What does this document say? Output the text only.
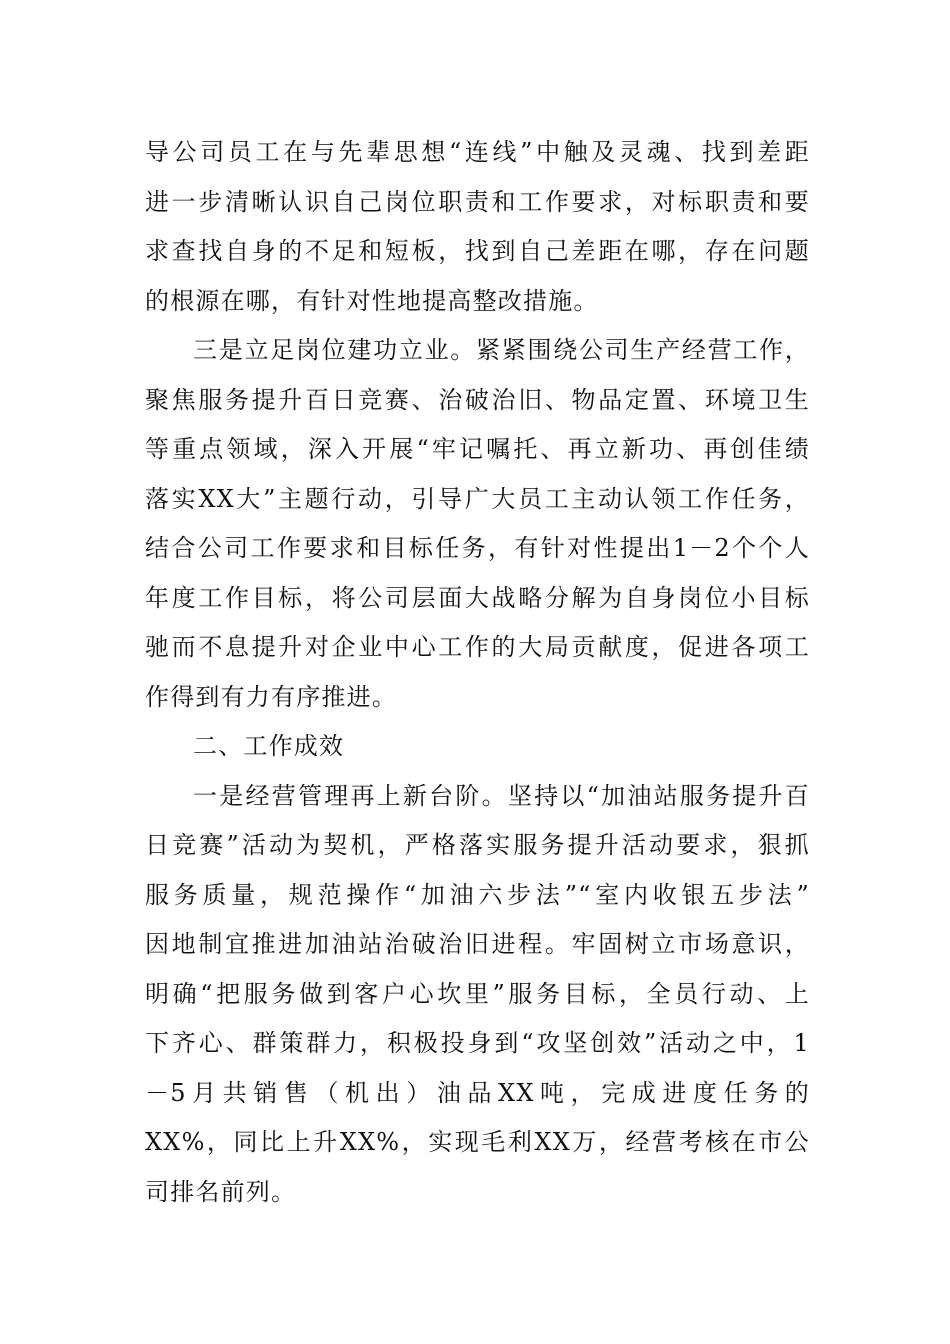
导公司员工在与先辈思想“连线”中触及灵魂、找到差距
进一步清晰认识自己岗位职责和工作要求，对标职责和要
求查找自身的不足和短板，找到自己差距在哪，存在问题
的根源在哪，有针对性地提高整改措施。
三是立足岗位建功立业。紧紧围绕公司生产经营工作，
聚焦服务提升百日竞赛、治破治旧、物品定置、环境卫生
等重点领域，深入开展“牢记嘱托、再立新功、再创佳绩
落实XX大”主题行动，引导广大员工主动认领工作任务，
结合公司工作要求和目标任务，有针对性提出1－2个个人
年度工作目标，将公司层面大战略分解为自身岗位小目标
驰而不息提升对企业中心工作的大局贡献度，促进各项工
作得到有力有序推进。
二、工作成效
一是经营管理再上新台阶。坚持以“加油站服务提升百
日竞赛”活动为契机，严格落实服务提升活动要求，狠抓
服务质量，规范操作“加油六步法”“室内收银五步法”
因地制宜推进加油站治破治旧进程。牢固树立市场意识，
明确“把服务做到客户心坎里”服务目标，全员行动、上
下齐心、群策群力，积极投身到“攻坚创效”活动之中，1
－5月共销售（机出）油品XX吨，完成进度任务的
XX%，同比上升XX%，实现毛利XX万，经营考核在市公
司排名前列。
